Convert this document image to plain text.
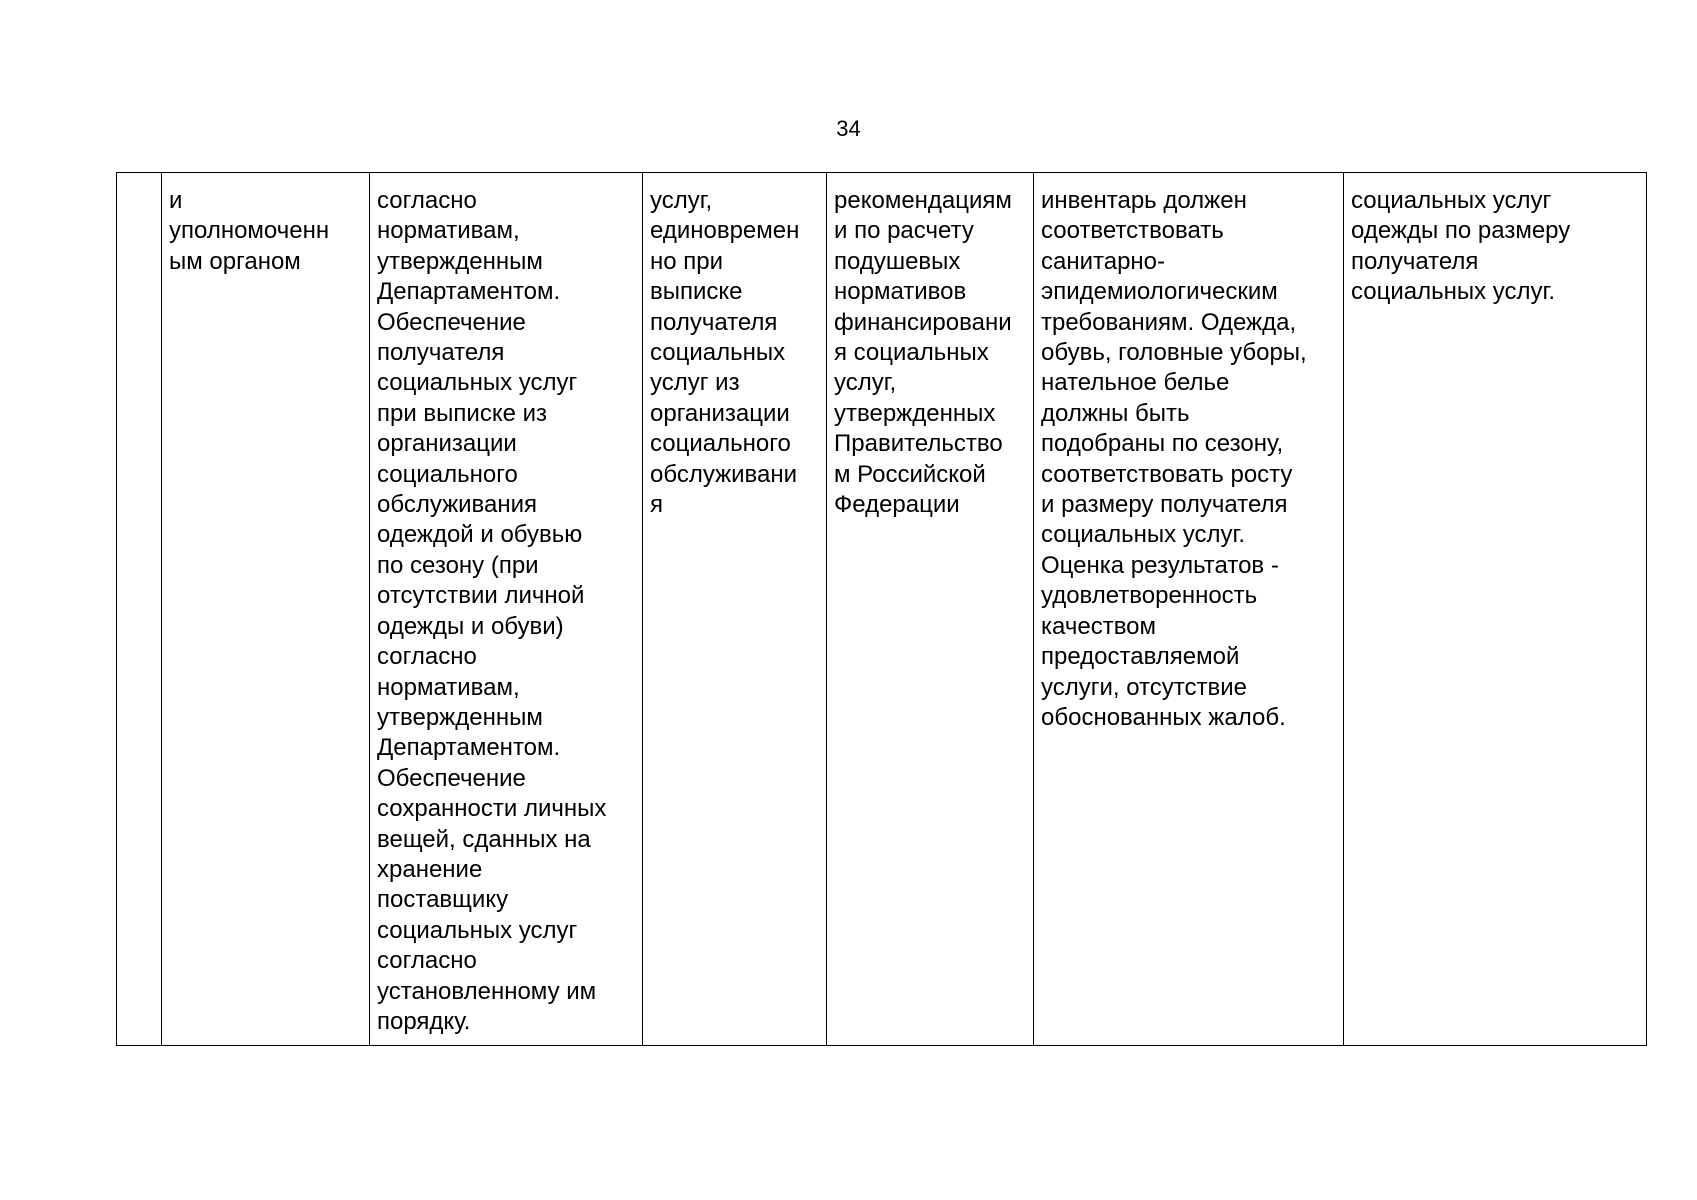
34
	и
уполномоченн
ым органом	согласно
нормативам,
утвержденным
Департаментом.
Обеспечение
получателя
социальных услуг
при выписке из
организации
социального
обслуживания
одеждой и обувью
по сезону (при
отсутствии личной
одежды и обуви)
согласно
нормативам,
утвержденным
Департаментом.
Обеспечение
сохранности личных
вещей, сданных на
хранение
поставщику
социальных услуг
согласно
установленному им
порядку.	услуг,
единовремен
но при
выписке
получателя
социальных
услуг из
организации
социального
обслуживани
я	рекомендациям
и по расчету
подушевых
нормативов
финансировани
я социальных
услуг,
утвержденных
Правительство
м Российской
Федерации	инвентарь должен
соответствовать
санитарно-
эпидемиологическим
требованиям. Одежда,
обувь, головные уборы,
нательное белье
должны быть
подобраны по сезону,
соответствовать росту
и размеру получателя
социальных услуг.
Оценка результатов -
удовлетворенность
качеством
предоставляемой
услуги, отсутствие
обоснованных жалоб.	социальных услуг
одежды по размеру
получателя
социальных услуг.
